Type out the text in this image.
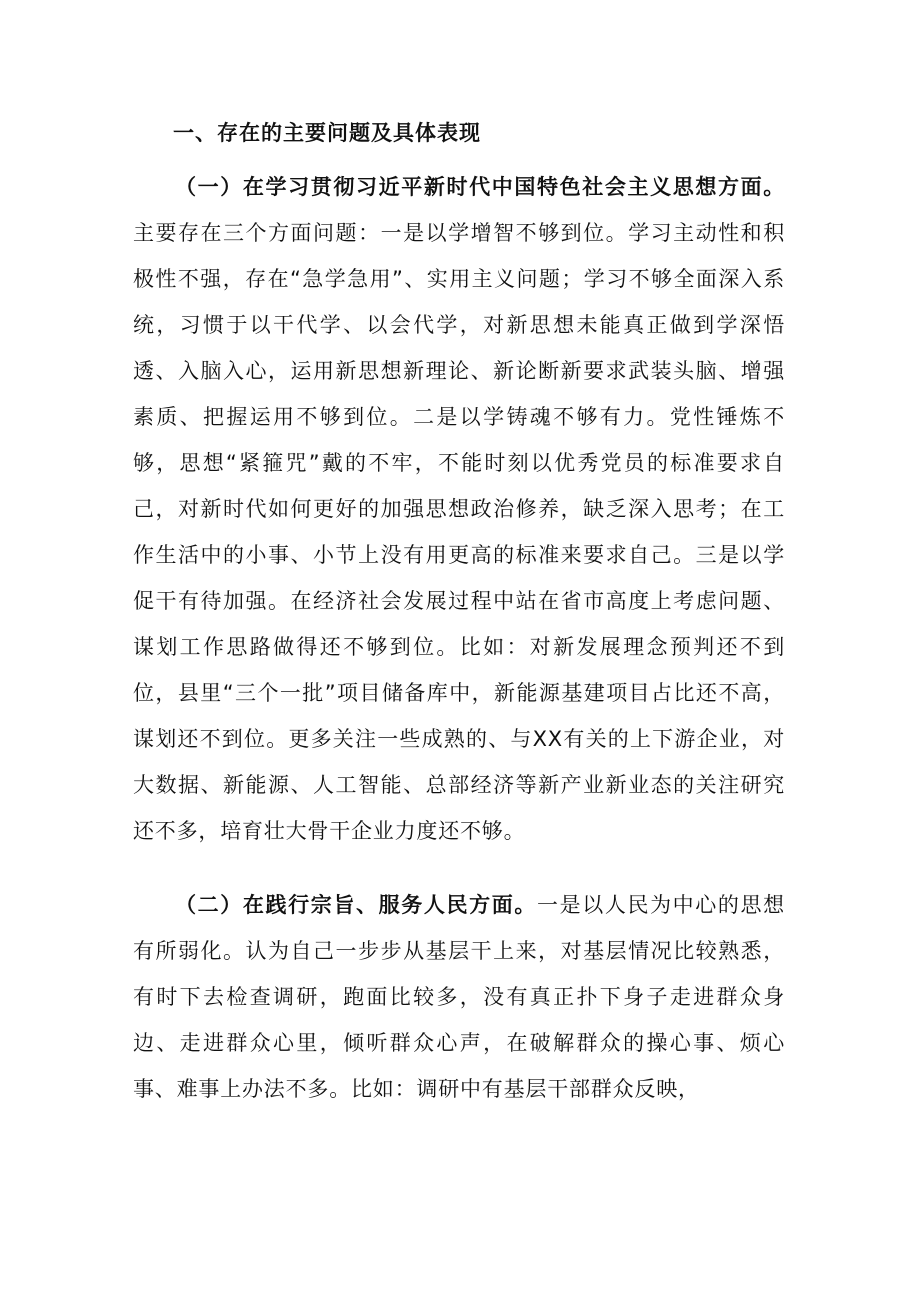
一、存在的主要问题及具体表现

（一）在学习贯彻习近平新时代中国特色社会主义思想方面。主要存在三个方面问题：一是以学增智不够到位。学习主动性和积极性不强，存在“急学急用”、实用主义问题；学习不够全面深入系统，习惯于以干代学、以会代学，对新思想未能真正做到学深悟透、入脑入心，运用新思想新理论、新论断新要求武装头脑、增强素质、把握运用不够到位。二是以学铸魂不够有力。党性锤炼不够，思想“紧箍咒”戴的不牢，不能时刻以优秀党员的标准要求自己，对新时代如何更好的加强思想政治修养，缺乏深入思考；在工作生活中的小事、小节上没有用更高的标准来要求自己。三是以学促干有待加强。在经济社会发展过程中站在省市高度上考虑问题、谋划工作思路做得还不够到位。比如：对新发展理念预判还不到位，县里“三个一批”项目储备库中，新能源基建项目占比还不高，谋划还不到位。更多关注一些成熟的、与XX有关的上下游企业，对大数据、新能源、人工智能、总部经济等新产业新业态的关注研究还不多，培育壮大骨干企业力度还不够。

（二）在践行宗旨、服务人民方面。一是以人民为中心的思想有所弱化。认为自己一步步从基层干上来，对基层情况比较熟悉，有时下去检查调研，跑面比较多，没有真正扑下身子走进群众身边、走进群众心里，倾听群众心声，在破解群众的操心事、烦心事、难事上办法不多。比如：调研中有基层干部群众反映，
